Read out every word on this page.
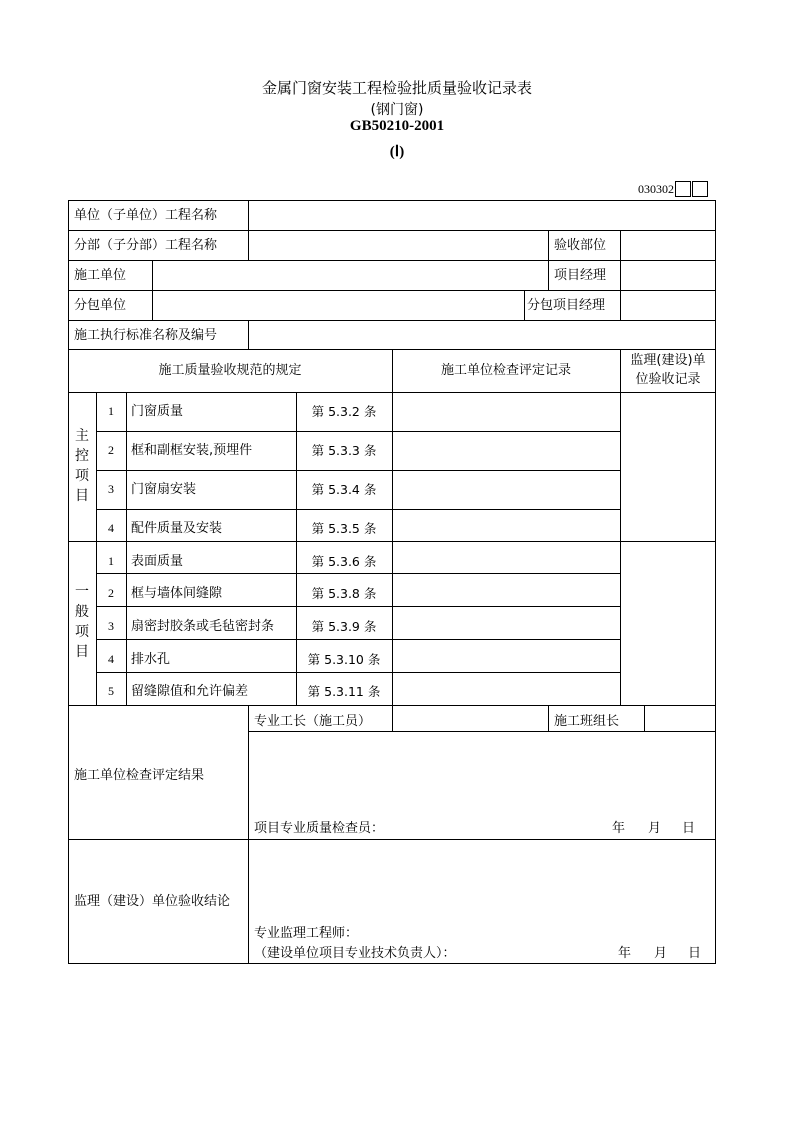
金属门窗安装工程检验批质量验收记录表
(钢门窗)
GB50210-2001
(Ⅰ)
030302
单位（子单位）工程名称
分部（子分部）工程名称	验收部位
施工单位	项目经理
分包单位	分包项目经理
施工执行标准名称及编号
施工质量验收规范的规定	施工单位检查评定记录
监理(建设)单
位验收记录
主
控
项
目
1	门窗质量	第 5.3.2 条
2	框和副框安装,预埋件	第 5.3.3 条
3	门窗扇安装	第 5.3.4 条
4	配件质量及安装	第 5.3.5 条
一
般
项
目
1	表面质量	第 5.3.6 条
2	框与墙体间缝隙	第 5.3.8 条
3	扇密封胶条或毛毡密封条	第 5.3.9 条
4	排水孔	第 5.3.10 条
5	留缝隙值和允许偏差	第 5.3.11 条
施工单位检查评定结果
专业工长（施工员）	施工班组长
项目专业质量检查员：	年 月 日
监理（建设）单位验收结论
专业监理工程师：
（建设单位项目专业技术负责人）：	年 月 日
